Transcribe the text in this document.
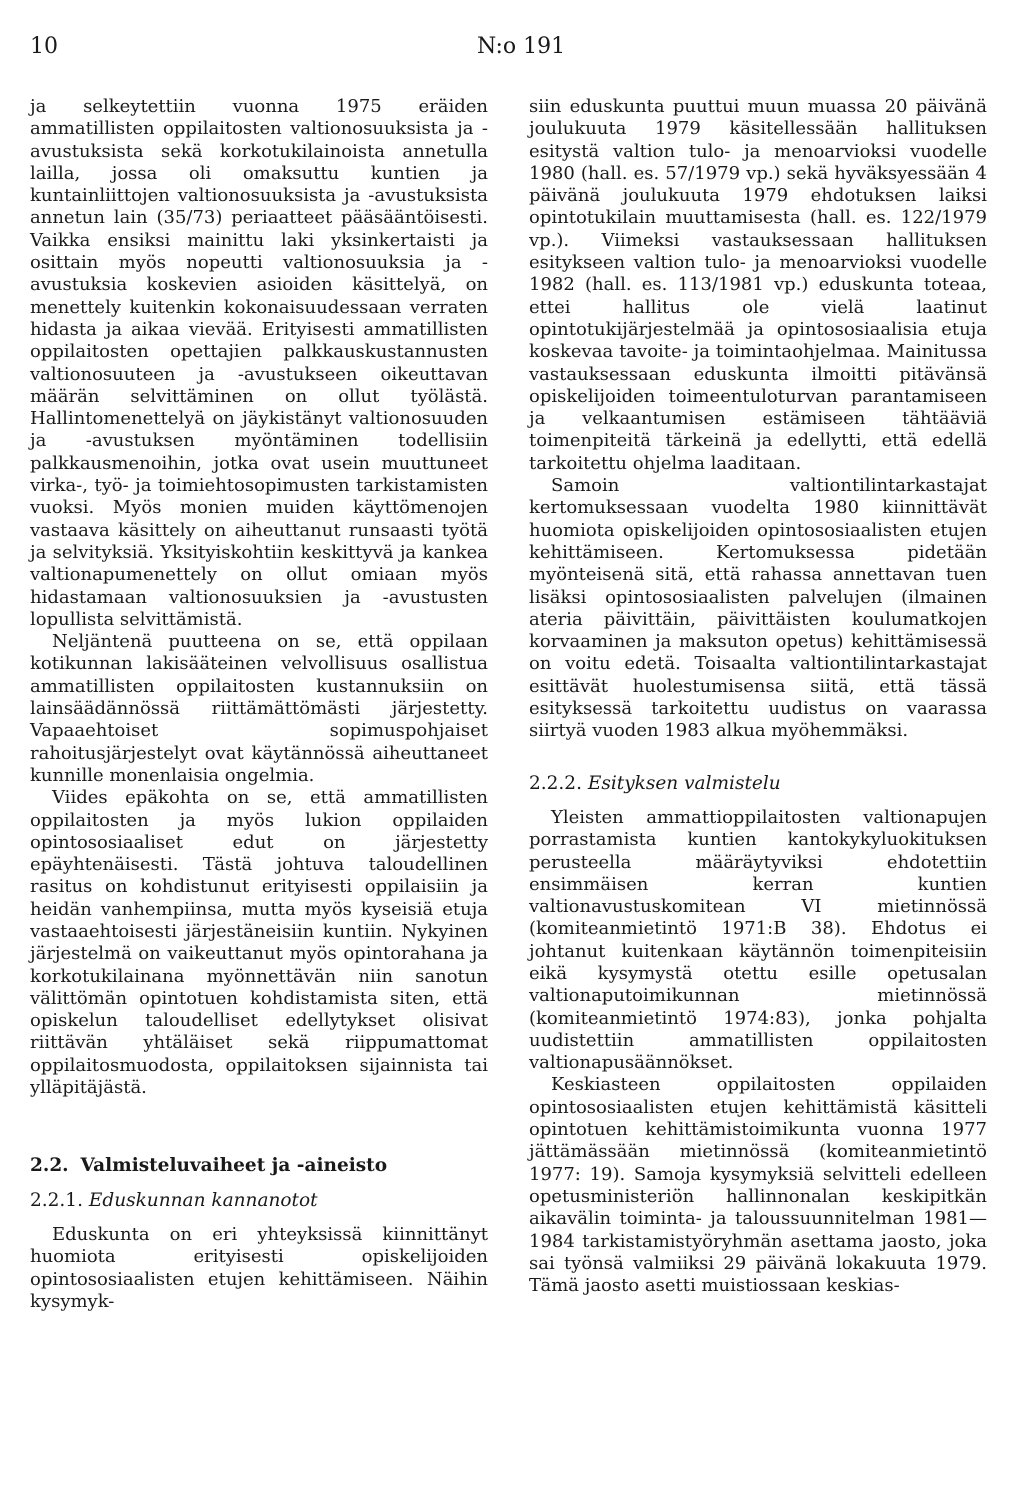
10	N:o 191

ja selkeytettiin vuonna 1975 eräiden ammatillisten oppilaitosten valtionosuuksista ja -avustuksista sekä korkotukilainoista annetulla lailla, jossa oli omaksuttu kuntien ja kuntainliittojen valtionosuuksista ja -avustuksista annetun lain (35/73) periaatteet pääsääntöisesti. Vaikka ensiksi mainittu laki yksinkertaisti ja osittain myös nopeutti valtionosuuksia ja -avustuksia koskevien asioiden käsittelyä, on menettely kuitenkin kokonaisuudessaan verraten hidasta ja aikaa vievää. Erityisesti ammatillisten oppilaitosten opettajien palkkauskustannusten valtionosuuteen ja -avustukseen oikeuttavan määrän selvittäminen on ollut työlästä. Hallintomenettelyä on jäykistänyt valtionosuuden ja -avustuksen myöntäminen todellisiin palkkausmenoihin, jotka ovat usein muuttuneet virka-, työ- ja toimiehtosopimusten tarkistamisten vuoksi. Myös monien muiden käyttömenojen vastaava käsittely on aiheuttanut runsaasti työtä ja selvityksiä. Yksityiskohtiin keskittyvä ja kankea valtionapumenettely on ollut omiaan myös hidastamaan valtionosuuksien ja -avustusten lopullista selvittämistä.

Neljäntenä puutteena on se, että oppilaan kotikunnan lakisääteinen velvollisuus osallistua ammatillisten oppilaitosten kustannuksiin on lainsäädännössä riittämättömästi järjestetty. Vapaaehtoiset sopimuspohjaiset rahoitusjärjestelyt ovat käytännössä aiheuttaneet kunnille monenlaisia ongelmia.

Viides epäkohta on se, että ammatillisten oppilaitosten ja myös lukion oppilaiden opintososiaaliset edut on järjestetty epäyhtenäisesti. Tästä johtuva taloudellinen rasitus on kohdistunut erityisesti oppilaisiin ja heidän vanhempiinsa, mutta myös kyseisiä etuja vastaaehtoisesti järjestäneisiin kuntiin. Nykyinen järjestelmä on vaikeuttanut myös opintorahana ja korkotukilainana myönnettävän niin sanotun välittömän opintotuen kohdistamista siten, että opiskelun taloudelliset edellytykset olisivat riittävän yhtäläiset sekä riippumattomat oppilaitosmuodosta, oppilaitoksen sijainnista tai ylläpitäjästä.

2.2. Valmisteluvaiheet ja -aineisto
2.2.1. Eduskunnan kannanotot

Eduskunta on eri yhteyksissä kiinnittänyt huomiota erityisesti opiskelijoiden opintososiaalisten etujen kehittämiseen. Näihin kysymyk-

siin eduskunta puuttui muun muassa 20 päivänä joulukuuta 1979 käsitellessään hallituksen esitystä valtion tulo- ja menoarvioksi vuodelle 1980 (hall. es. 57/1979 vp.) sekä hyväksyessään 4 päivänä joulukuuta 1979 ehdotuksen laiksi opintotukilain muuttamisesta (hall. es. 122/1979 vp.). Viimeksi vastauksessaan hallituksen esitykseen valtion tulo- ja menoarvioksi vuodelle 1982 (hall. es. 113/1981 vp.) eduskunta toteaa, ettei hallitus ole vielä laatinut opintotukijärjestelmää ja opintososiaalisia etuja koskevaa tavoite- ja toimintaohjelmaa. Mainitussa vastauksessaan eduskunta ilmoitti pitävänsä opiskelijoiden toimeentuloturvan parantamiseen ja velkaantumisen estämiseen tähtääviä toimenpiteitä tärkeinä ja edellytti, että edellä tarkoitettu ohjelma laaditaan.

Samoin valtiontilintarkastajat kertomuksessaan vuodelta 1980 kiinnittävät huomiota opiskelijoiden opintososiaalisten etujen kehittämiseen. Kertomuksessa pidetään myönteisenä sitä, että rahassa annettavan tuen lisäksi opintososiaalisten palvelujen (ilmainen ateria päivittäin, päivittäisten koulumatkojen korvaaminen ja maksuton opetus) kehittämisessä on voitu edetä. Toisaalta valtiontilintarkastajat esittävät huolestumisensa siitä, että tässä esityksessä tarkoitettu uudistus on vaarassa siirtyä vuoden 1983 alkua myöhemmäksi.

2.2.2. Esityksen valmistelu

Yleisten ammattioppilaitosten valtionapujen porrastamista kuntien kantokykyluokituksen perusteella määräytyviksi ehdotettiin ensimmäisen kerran kuntien valtionavustuskomitean VI mietinnössä (komiteanmietintö 1971:B 38). Ehdotus ei johtanut kuitenkaan käytännön toimenpiteisiin eikä kysymystä otettu esille opetusalan valtionaputoimikunnan mietinnössä (komiteanmietintö 1974:83), jonka pohjalta uudistettiin ammatillisten oppilaitosten valtionapusäännökset.

Keskiasteen oppilaitosten oppilaiden opintososiaalisten etujen kehittämistä käsitteli opintotuen kehittämistoimikunta vuonna 1977 jättämässään mietinnössä (komiteanmietintö 1977: 19). Samoja kysymyksiä selvitteli edelleen opetusministeriön hallinnonalan keskipitkän aikavälin toiminta- ja taloussuunnitelman 1981—1984 tarkistamistyöryhmän asettama jaosto, joka sai työnsä valmiiksi 29 päivänä lokakuuta 1979. Tämä jaosto asetti muistiossaan keskias-
